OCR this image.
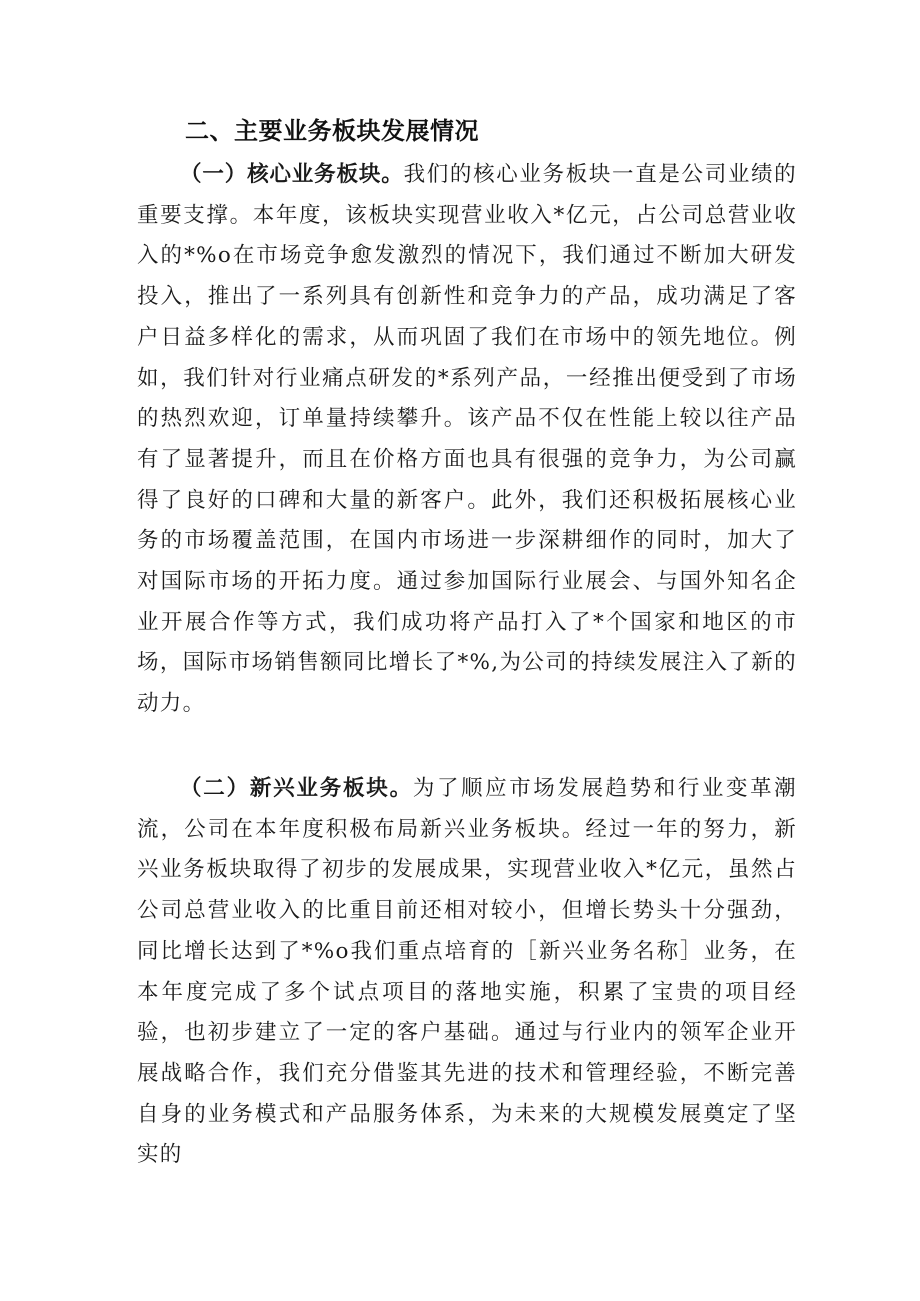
二、主要业务板块发展情况

（一）核心业务板块。我们的核心业务板块一直是公司业绩的重要支撑。本年度，该板块实现营业收入*亿元，占公司总营业收入的*%o在市场竞争愈发激烈的情况下，我们通过不断加大研发投入，推出了一系列具有创新性和竞争力的产品，成功满足了客户日益多样化的需求，从而巩固了我们在市场中的领先地位。例如，我们针对行业痛点研发的*系列产品，一经推出便受到了市场的热烈欢迎，订单量持续攀升。该产品不仅在性能上较以往产品有了显著提升，而且在价格方面也具有很强的竞争力，为公司赢得了良好的口碑和大量的新客户。此外，我们还积极拓展核心业务的市场覆盖范围，在国内市场进一步深耕细作的同时，加大了对国际市场的开拓力度。通过参加国际行业展会、与国外知名企业开展合作等方式，我们成功将产品打入了*个国家和地区的市场，国际市场销售额同比增长了*%,为公司的持续发展注入了新的动力。

（二）新兴业务板块。为了顺应市场发展趋势和行业变革潮流，公司在本年度积极布局新兴业务板块。经过一年的努力，新兴业务板块取得了初步的发展成果，实现营业收入*亿元，虽然占公司总营业收入的比重目前还相对较小，但增长势头十分强劲，同比增长达到了*%o我们重点培育的［新兴业务名称］业务，在本年度完成了多个试点项目的落地实施，积累了宝贵的项目经验，也初步建立了一定的客户基础。通过与行业内的领军企业开展战略合作，我们充分借鉴其先进的技术和管理经验，不断完善自身的业务模式和产品服务体系，为未来的大规模发展奠定了坚实的
